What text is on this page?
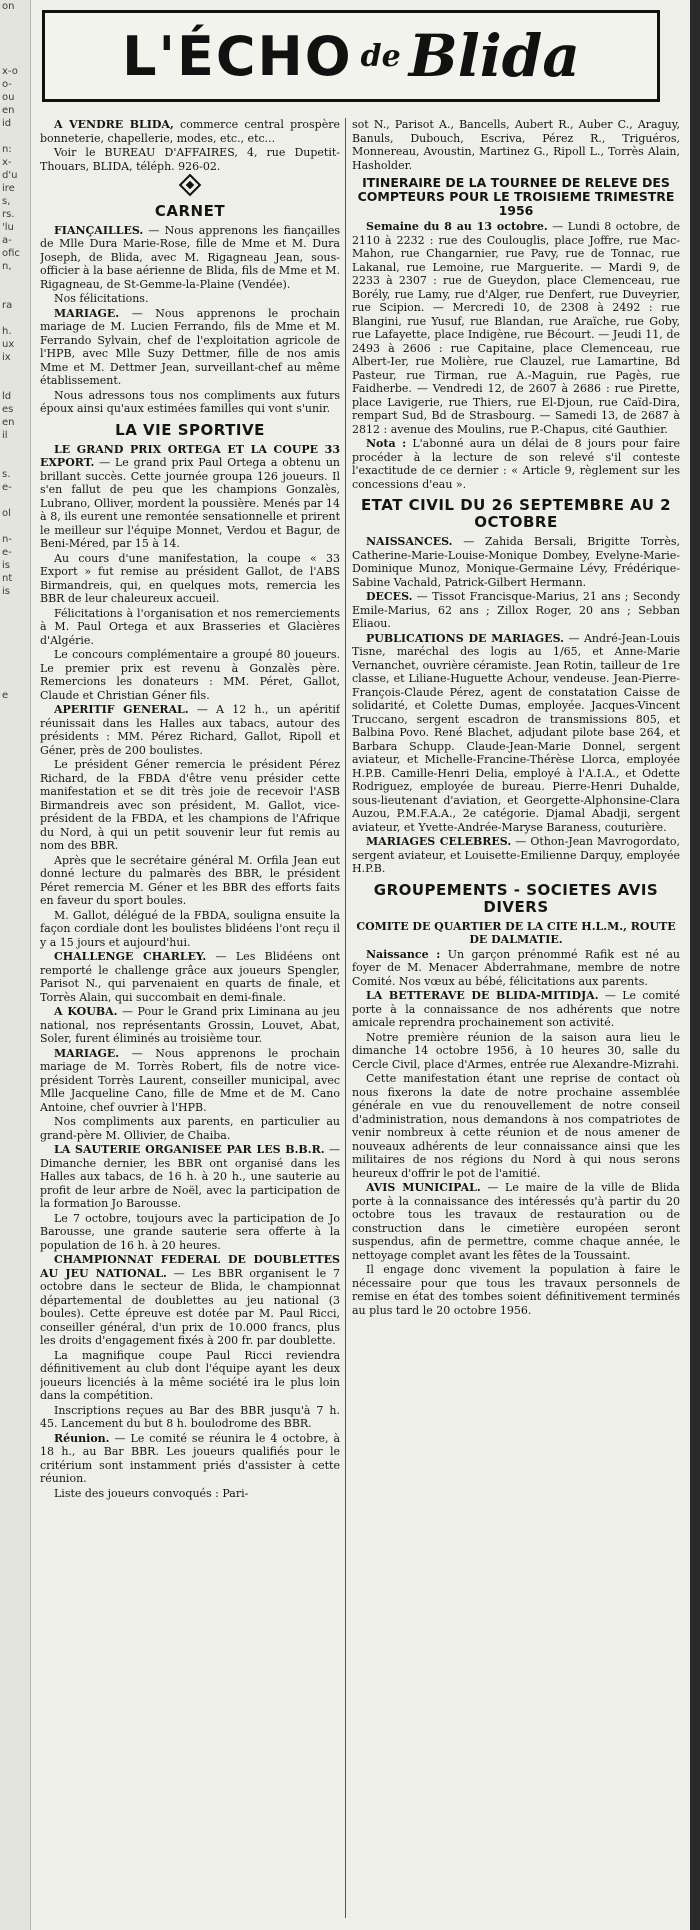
on

x-o

o-

ou

en

id

n:

x-

d'u

ire

s,

rs.

'lu

a-

ofic

n,

ra

h.

ux

ix

ld

es

en

il

s.

e-

ol

n-

e-

is

nt

is

e

L'ÉCHO de Blida

A VENDRE BLIDA, commerce central prospère bonneterie, chapellerie, modes, etc., etc...

Voir le BUREAU D'AFFAIRES, 4, rue Dupetit-Thouars, BLIDA, téléph. 926-02.

CARNET

FIANÇAILLES. — Nous apprenons les fiançailles de Mlle Dura Marie-Rose, fille de Mme et M. Dura Joseph, de Blida, avec M. Rigagneau Jean, sous-officier à la base aérienne de Blida, fils de Mme et M. Rigagneau, de St-Gemme-la-Plaine (Vendée).

Nos félicitations.

MARIAGE. — Nous apprenons le prochain mariage de M. Lucien Ferrando, fils de Mme et M. Ferrando Sylvain, chef de l'exploitation agricole de l'HPB, avec Mlle Suzy Dettmer, fille de nos amis Mme et M. Dettmer Jean, surveillant-chef au même établissement.

Nous adressons tous nos compliments aux futurs époux ainsi qu'aux estimées familles qui vont s'unir.

LA VIE SPORTIVE

LE GRAND PRIX ORTEGA ET LA COUPE 33 EXPORT. — Le grand prix Paul Ortega a obtenu un brillant succès. Cette journée groupa 126 joueurs. Il s'en fallut de peu que les champions Gonzalès, Lubrano, Olliver, mordent la poussière. Menés par 14 à 8, ils eurent une remontée sensationnelle et prirent le meilleur sur l'équipe Monnet, Verdou et Bagur, de Beni-Méred, par 15 à 14.

Au cours d'une manifestation, la coupe « 33 Export » fut remise au président Gallot, de l'ABS Birmandreis, qui, en quelques mots, remercia les BBR de leur chaleureux accueil.

Félicitations à l'organisation et nos remerciements à M. Paul Ortega et aux Brasseries et Glacières d'Algérie.

Le concours complémentaire a groupé 80 joueurs. Le premier prix est revenu à Gonzalès père. Remercions les donateurs : MM. Péret, Gallot, Claude et Christian Géner fils.

APERITIF GENERAL. — A 12 h., un apéritif réunissait dans les Halles aux tabacs, autour des présidents : MM. Pérez Richard, Gallot, Ripoll et Géner, près de 200 boulistes.

Le président Géner remercia le président Pérez Richard, de la FBDA d'être venu présider cette manifestation et se dit très joie de recevoir l'ASB Birmandreis avec son président, M. Gallot, vice-président de la FBDA, et les champions de l'Afrique du Nord, à qui un petit souvenir leur fut remis au nom des BBR.

Après que le secrétaire général M. Orfila Jean eut donné lecture du palmarès des BBR, le président Péret remercia M. Géner et les BBR des efforts faits en faveur du sport boules.

M. Gallot, délégué de la FBDA, souligna ensuite la façon cordiale dont les boulistes blidéens l'ont reçu il y a 15 jours et aujourd'hui.

CHALLENGE CHARLEY. — Les Blidéens ont remporté le challenge grâce aux joueurs Spengler, Parisot N., qui parvenaient en quarts de finale, et Torrès Alain, qui succombait en demi-finale.

A KOUBA. — Pour le Grand prix Liminana au jeu national, nos représentants Grossin, Louvet, Abat, Soler, furent éliminés au troisième tour.

MARIAGE. — Nous apprenons le prochain mariage de M. Torrès Robert, fils de notre vice-président Torrès Laurent, conseiller municipal, avec Mlle Jacqueline Cano, fille de Mme et de M. Cano Antoine, chef ouvrier à l'HPB.

Nos compliments aux parents, en particulier au grand-père M. Ollivier, de Chaiba.

LA SAUTERIE ORGANISEE PAR LES B.B.R. — Dimanche dernier, les BBR ont organisé dans les Halles aux tabacs, de 16 h. à 20 h., une sauterie au profit de leur arbre de Noël, avec la participation de la formation Jo Barousse.

Le 7 octobre, toujours avec la participation de Jo Barousse, une grande sauterie sera offerte à la population de 16 h. à 20 heures.

CHAMPIONNAT FEDERAL DE DOUBLETTES AU JEU NATIONAL. — Les BBR organisent le 7 octobre dans le secteur de Blida, le championnat départemental de doublettes au jeu national (3 boules). Cette épreuve est dotée par M. Paul Ricci, conseiller général, d'un prix de 10.000 francs, plus les droits d'engagement fixés à 200 fr. par doublette.

La magnifique coupe Paul Ricci reviendra définitivement au club dont l'équipe ayant les deux joueurs licenciés à la même société ira le plus loin dans la compétition.

Inscriptions reçues au Bar des BBR jusqu'à 7 h. 45. Lancement du but 8 h. boulodrome des BBR.

Réunion. — Le comité se réunira le 4 octobre, à 18 h., au Bar BBR. Les joueurs qualifiés pour le critérium sont instamment priés d'assister à cette réunion.

Liste des joueurs convoqués : Pari-

sot N., Parisot A., Bancells, Aubert R., Auber C., Araguy, Banuls, Dubouch, Escriva, Pérez R., Triguéros, Monnereau, Avoustin, Martinez G., Ripoll L., Torrès Alain, Hasholder.

ITINERAIRE DE LA TOURNEE DE RELEVE DES COMPTEURS POUR LE TROISIEME TRIMESTRE 1956

Semaine du 8 au 13 octobre. — Lundi 8 octobre, de 2110 à 2232 : rue des Coulouglis, place Joffre, rue Mac-Mahon, rue Changarnier, rue Pavy, rue de Tonnac, rue Lakanal, rue Lemoine, rue Marguerite. — Mardi 9, de 2233 à 2307 : rue de Gueydon, place Clemenceau, rue Borély, rue Lamy, rue d'Alger, rue Denfert, rue Duveyrier, rue Scipion. — Mercredi 10, de 2308 à 2492 : rue Blangini, rue Yusuf, rue Blandan, rue Araïche, rue Goby, rue Lafayette, place Indigène, rue Bécourt. — Jeudi 11, de 2493 à 2606 : rue Capitaine, place Clemenceau, rue Albert-Ier, rue Molière, rue Clauzel, rue Lamartine, Bd Pasteur, rue Tirman, rue A.-Maguin, rue Pagès, rue Faidherbe. — Vendredi 12, de 2607 à 2686 : rue Pirette, place Lavigerie, rue Thiers, rue El-Djoun, rue Caïd-Dira, rempart Sud, Bd de Strasbourg. — Samedi 13, de 2687 à 2812 : avenue des Moulins, rue P.-Chapus, cité Gauthier.

Nota : L'abonné aura un délai de 8 jours pour faire procéder à la lecture de son relevé s'il conteste l'exactitude de ce dernier : « Article 9, règlement sur les concessions d'eau ».

ETAT CIVIL DU 26 SEPTEMBRE AU 2 OCTOBRE

NAISSANCES. — Zahida Bersali, Brigitte Torrès, Catherine-Marie-Louise-Monique Dombey, Evelyne-Marie-Dominique Munoz, Monique-Germaine Lévy, Frédérique-Sabine Vachald, Patrick-Gilbert Hermann.

DECES. — Tissot Francisque-Marius, 21 ans ; Secondy Emile-Marius, 62 ans ; Zillox Roger, 20 ans ; Sebban Eliaou.

PUBLICATIONS DE MARIAGES. — André-Jean-Louis Tisne, maréchal des logis au 1/65, et Anne-Marie Vernanchet, ouvrière céramiste. Jean Rotin, tailleur de 1re classe, et Liliane-Huguette Achour, vendeuse. Jean-Pierre-François-Claude Pérez, agent de constatation Caisse de solidarité, et Colette Dumas, employée. Jacques-Vincent Truccano, sergent escadron de transmissions 805, et Balbina Povo. René Blachet, adjudant pilote base 264, et Barbara Schupp. Claude-Jean-Marie Donnel, sergent aviateur, et Michelle-Francine-Thérèse Llorca, employée H.P.B. Camille-Henri Delia, employé à l'A.I.A., et Odette Rodriguez, employée de bureau. Pierre-Henri Duhalde, sous-lieutenant d'aviation, et Georgette-Alphonsine-Clara Auzou, P.M.F.A.A., 2e catégorie. Djamal Abadji, sergent aviateur, et Yvette-Andrée-Maryse Baraness, couturière.

MARIAGES CELEBRES. — Othon-Jean Mavrogordato, sergent aviateur, et Louisette-Emilienne Darquy, employée H.P.B.

GROUPEMENTS - SOCIETES AVIS DIVERS

COMITE DE QUARTIER DE LA CITE H.L.M., ROUTE DE DALMATIE.

Naissance : Un garçon prénommé Rafik est né au foyer de M. Menacer Abderrahmane, membre de notre Comité. Nos vœux au bébé, félicitations aux parents.

LA BETTERAVE DE BLIDA-MITIDJA. — Le comité porte à la connaissance de nos adhérents que notre amicale reprendra prochainement son activité.

Notre première réunion de la saison aura lieu le dimanche 14 octobre 1956, à 10 heures 30, salle du Cercle Civil, place d'Armes, entrée rue Alexandre-Mizrahi.

Cette manifestation étant une reprise de contact où nous fixerons la date de notre prochaine assemblée générale en vue du renouvellement de notre conseil d'administration, nous demandons à nos compatriotes de venir nombreux à cette réunion et de nous amener de nouveaux adhérents de leur connaissance ainsi que les militaires de nos régions du Nord à qui nous serons heureux d'offrir le pot de l'amitié.

AVIS MUNICIPAL. — Le maire de la ville de Blida porte à la connaissance des intéressés qu'à partir du 20 octobre tous les travaux de restauration ou de construction dans le cimetière européen seront suspendus, afin de permettre, comme chaque année, le nettoyage complet avant les fêtes de la Toussaint.

Il engage donc vivement la population à faire le nécessaire pour que tous les travaux personnels de remise en état des tombes soient définitivement terminés au plus tard le 20 octobre 1956.
